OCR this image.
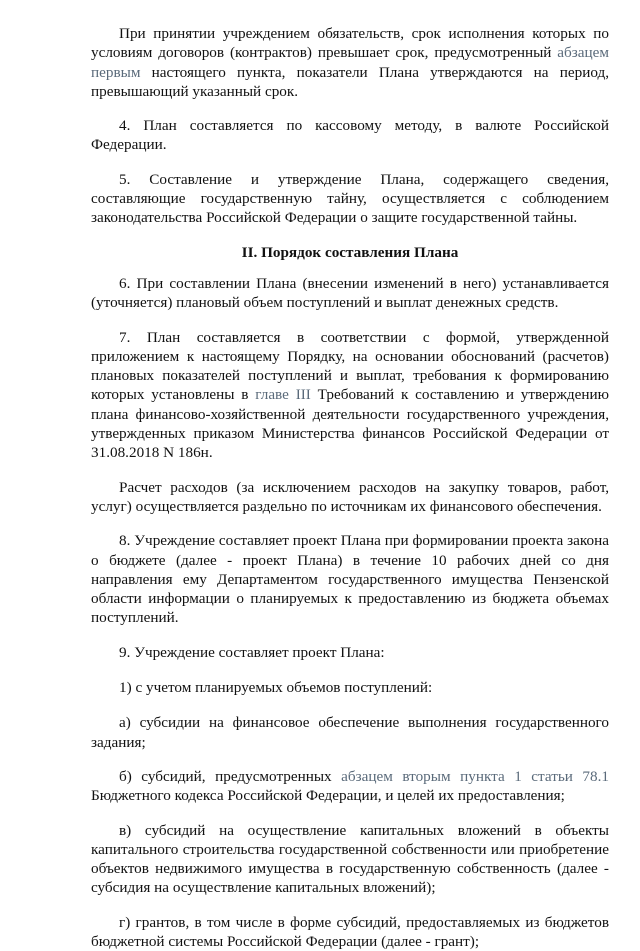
При принятии учреждением обязательств, срок исполнения которых по условиям договоров (контрактов) превышает срок, предусмотренный абзацем первым настоящего пункта, показатели Плана утверждаются на период, превышающий указанный срок.

4. План составляется по кассовому методу, в валюте Российской Федерации.

5. Составление и утверждение Плана, содержащего сведения, составляющие государственную тайну, осуществляется с соблюдением законодательства Российской Федерации о защите государственной тайны.

II. Порядок составления Плана

6. При составлении Плана (внесении изменений в него) устанавливается (уточняется) плановый объем поступлений и выплат денежных средств.

7. План составляется в соответствии с формой, утвержденной приложением к настоящему Порядку, на основании обоснований (расчетов) плановых показателей поступлений и выплат, требования к формированию которых установлены в главе III Требований к составлению и утверждению плана финансово-хозяйственной деятельности государственного учреждения, утвержденных приказом Министерства финансов Российской Федерации от 31.08.2018 N 186н.

Расчет расходов (за исключением расходов на закупку товаров, работ, услуг) осуществляется раздельно по источникам их финансового обеспечения.

8. Учреждение составляет проект Плана при формировании проекта закона о бюджете (далее - проект Плана) в течение 10 рабочих дней со дня направления ему Департаментом государственного имущества Пензенской области информации о планируемых к предоставлению из бюджета объемах поступлений.

9. Учреждение составляет проект Плана:

1) с учетом планируемых объемов поступлений:

а) субсидии на финансовое обеспечение выполнения государственного задания;

б) субсидий, предусмотренных абзацем вторым пункта 1 статьи 78.1 Бюджетного кодекса Российской Федерации, и целей их предоставления;

в) субсидий на осуществление капитальных вложений в объекты капитального строительства государственной собственности или приобретение объектов недвижимого имущества в государственную собственность (далее - субсидия на осуществление капитальных вложений);

г) грантов, в том числе в форме субсидий, предоставляемых из бюджетов бюджетной системы Российской Федерации (далее - грант);
